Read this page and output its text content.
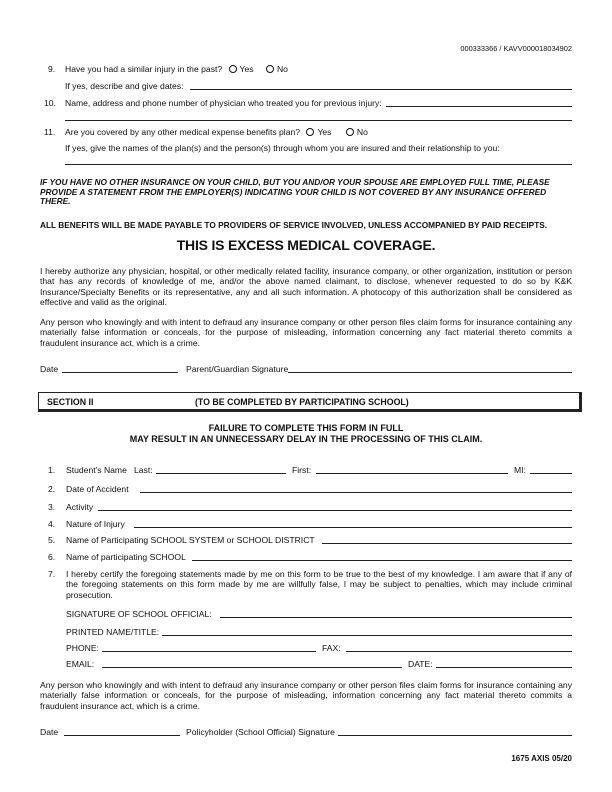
000333366 / KAVV000018034902
9. Have you had a similar injury in the past? Yes	No
If yes, describe and give dates:
10. Name, address and phone number of physician who treated you for previous injury:
11. Are you covered by any other medical expense benefits plan? Yes	No
If yes, give the names of the plan(s) and the person(s) through whom you are insured and their relationship to you:
IF YOU HAVE NO OTHER INSURANCE ON YOUR CHILD, BUT YOU AND/OR YOUR SPOUSE ARE EMPLOYED FULL TIME, PLEASE
PROVIDE A STATEMENT FROM THE EMPLOYER(S) INDICATING YOUR CHILD IS NOT COVERED BY ANY INSURANCE OFFERED
THERE.
ALL BENEFITS WILL BE MADE PAYABLE TO PROVIDERS OF SERVICE INVOLVED, UNLESS ACCOMPANIED BY PAID RECEIPTS.
THIS IS EXCESS MEDICAL COVERAGE.
I hereby authorize any physician, hospital, or other medically related facility, insurance company, or other organization, institution or person that has any records of knowledge of me, and/or the above named claimant, to disclose, whenever requested to do so by K&K Insurance/Specialty Benefits or its representative, any and all such information. A photocopy of this authorization shall be considered as effective and valid as the original.
Any person who knowingly and with intent to defraud any insurance company or other person files claim forms for insurance containing any materially false information or conceals, for the purpose of misleading, information concerning any fact material thereto commits a fraudulent insurance act, which is a crime.
Date	Parent/Guardian Signature
SECTION II	(TO BE COMPLETED BY PARTICIPATING SCHOOL)
FAILURE TO COMPLETE THIS FORM IN FULL
MAY RESULT IN AN UNNECESSARY DELAY IN THE PROCESSING OF THIS CLAIM.
1. Student's Name Last:	First:	MI:
2. Date of Accident
3. Activity
4. Nature of Injury
5. Name of Participating SCHOOL SYSTEM or SCHOOL DISTRICT
6. Name of participating SCHOOL
7. I hereby certify the foregoing statements made by me on this form to be true to the best of my knowledge. I am aware that if any of the foregoing statements on this form made by me are willfully false, I may be subject to penalties, which may include criminal prosecution.
SIGNATURE OF SCHOOL OFFICIAL:
PRINTED NAME/TITLE:
PHONE:	FAX:
EMAIL:	DATE:
Any person who knowingly and with intent to defraud any insurance company or other person files claim forms for insurance containing any materially false information or conceals, for the purpose of misleading, information concerning any fact material thereto commits a fraudulent insurance act, which is a crime.
Date	Policyholder (School Official) Signature
1675 AXIS 05/20
